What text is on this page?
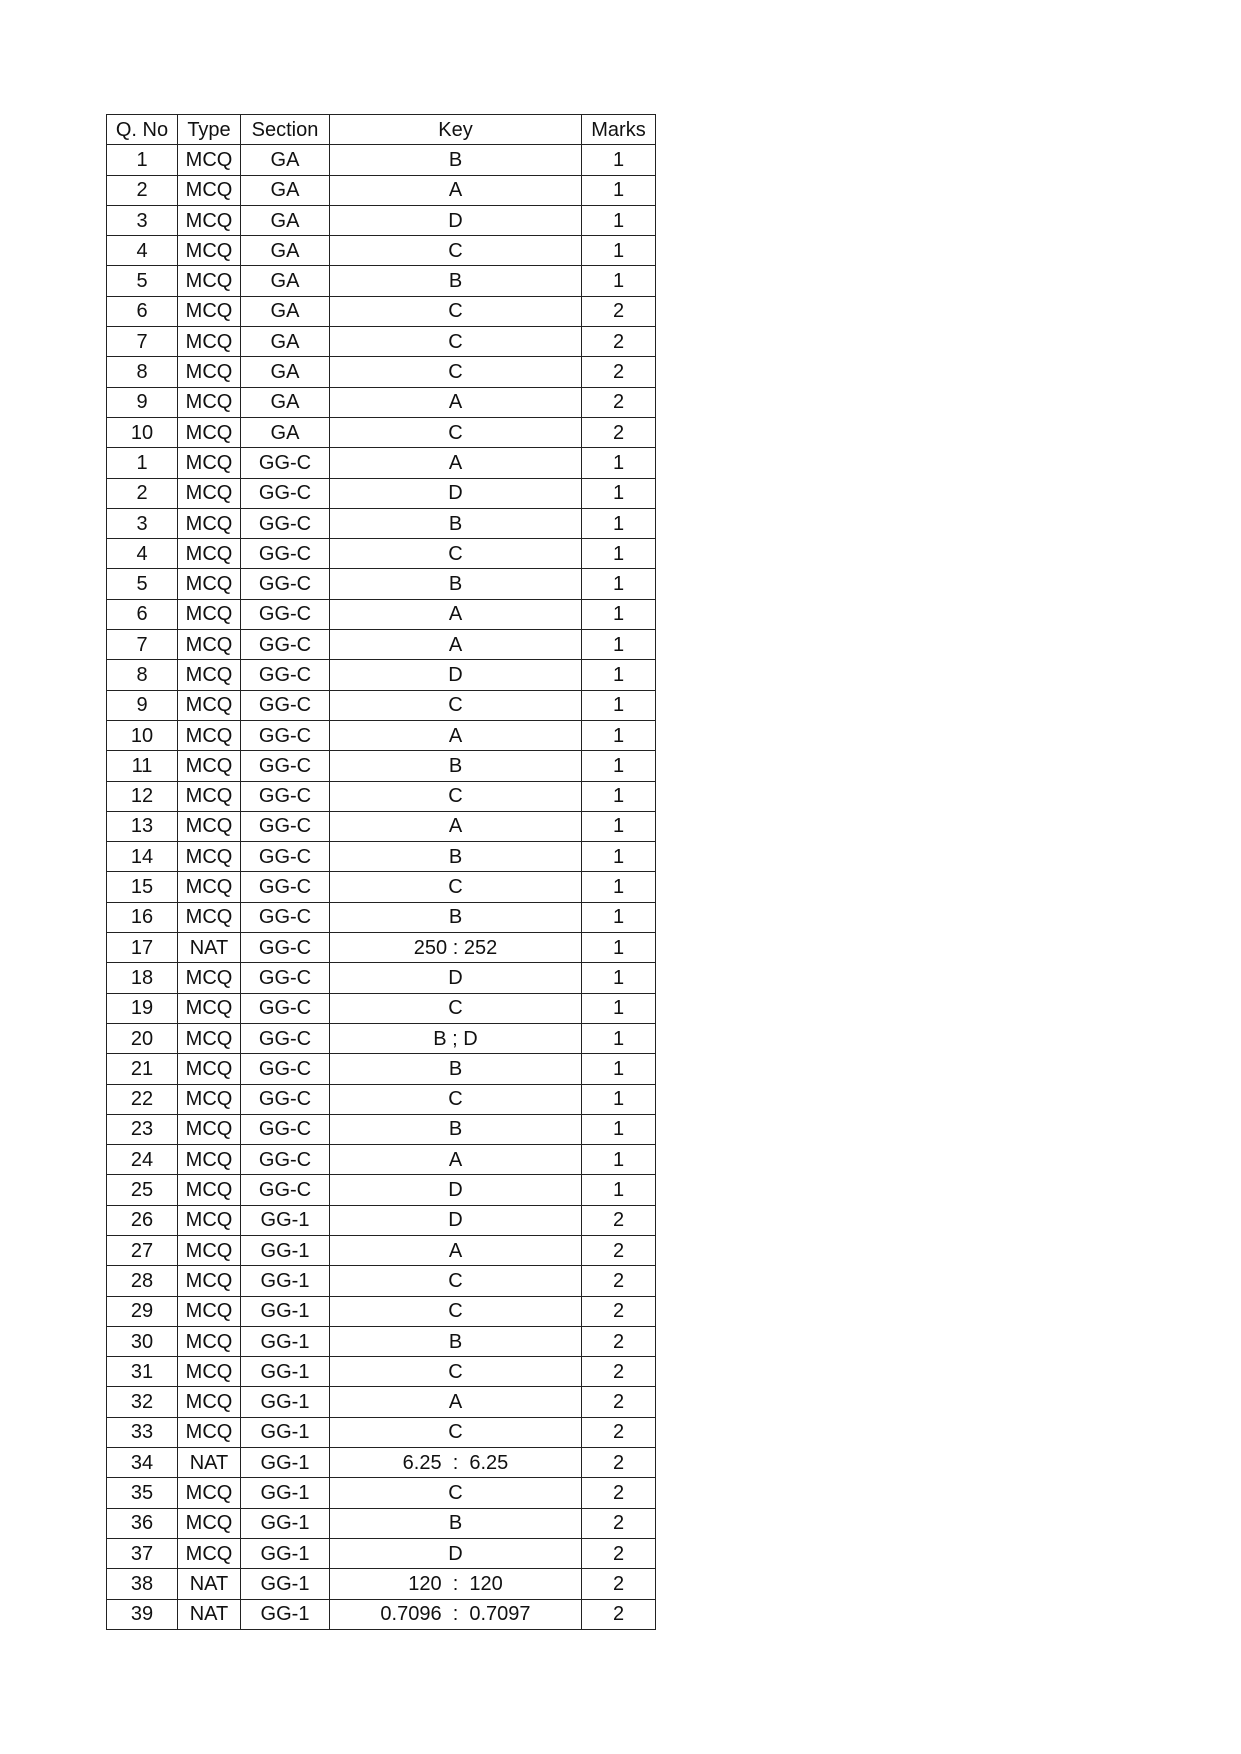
Q. No	Type	Section	Key	Marks
1	MCQ	GA	B	1
2	MCQ	GA	A	1
3	MCQ	GA	D	1
4	MCQ	GA	C	1
5	MCQ	GA	B	1
6	MCQ	GA	C	2
7	MCQ	GA	C	2
8	MCQ	GA	C	2
9	MCQ	GA	A	2
10	MCQ	GA	C	2
1	MCQ	GG-C	A	1
2	MCQ	GG-C	D	1
3	MCQ	GG-C	B	1
4	MCQ	GG-C	C	1
5	MCQ	GG-C	B	1
6	MCQ	GG-C	A	1
7	MCQ	GG-C	A	1
8	MCQ	GG-C	D	1
9	MCQ	GG-C	C	1
10	MCQ	GG-C	A	1
11	MCQ	GG-C	B	1
12	MCQ	GG-C	C	1
13	MCQ	GG-C	A	1
14	MCQ	GG-C	B	1
15	MCQ	GG-C	C	1
16	MCQ	GG-C	B	1
17	NAT	GG-C	250 : 252	1
18	MCQ	GG-C	D	1
19	MCQ	GG-C	C	1
20	MCQ	GG-C	B ; D	1
21	MCQ	GG-C	B	1
22	MCQ	GG-C	C	1
23	MCQ	GG-C	B	1
24	MCQ	GG-C	A	1
25	MCQ	GG-C	D	1
26	MCQ	GG-1	D	2
27	MCQ	GG-1	A	2
28	MCQ	GG-1	C	2
29	MCQ	GG-1	C	2
30	MCQ	GG-1	B	2
31	MCQ	GG-1	C	2
32	MCQ	GG-1	A	2
33	MCQ	GG-1	C	2
34	NAT	GG-1	6.25  :  6.25	2
35	MCQ	GG-1	C	2
36	MCQ	GG-1	B	2
37	MCQ	GG-1	D	2
38	NAT	GG-1	120  :  120	2
39	NAT	GG-1	0.7096  :  0.7097	2
